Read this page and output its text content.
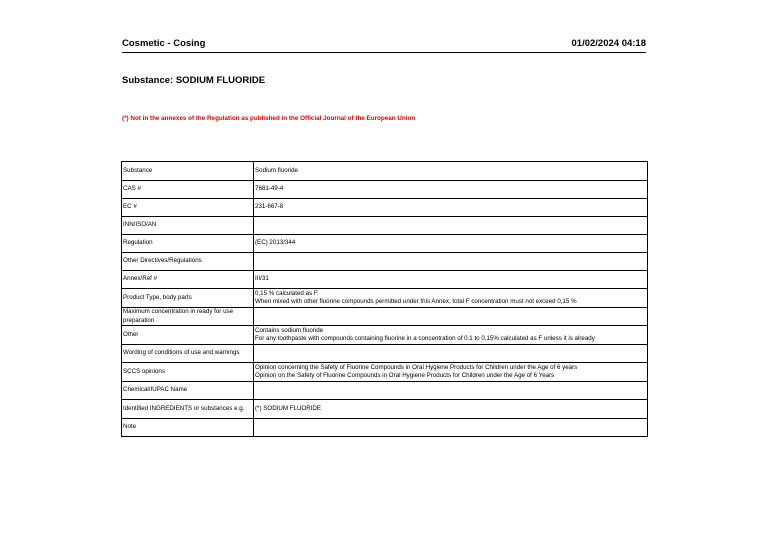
Cosmetic - Cosing	01/02/2024 04:18
Substance: SODIUM FLUORIDE
(*) Not in the annexes of the Regulation as published in the Official Journal of the European Union
Substance	Sodium fluoride

CAS #	7681-49-4

EC #	231-667-8

INN/ISO/AN	

Regulation	(EC) 2013/344

Other Directives/Regulations	

Annex/Ref #	III/31

Product Type, body parts	0,15 % calculated as F.
When mixed with other fluorine compounds permitted under this Annex, total F concentration must not exceed 0,15 %

Maximum concentration in ready for use preparation	

Other	Contains sodium fluoride
For any toothpaste with compounds containing fluorine in a concentration of 0.1 to 0.15% calculated as F unless it is already

Wording of conditions of use and warnings	

SCCS opinions	Opinion concerning the Safety of Fluorine Compounds in Oral Hygiene Products for Children under the Age of 6 years
Opinion on the Safety of Fluorine Compounds in Oral Hygiene Products for Children under the Age of 6 Years

Chemical/IUPAC Name	

Identified INGREDIENTS or substances e.g.	(*) SODIUM FLUORIDE

Note	
